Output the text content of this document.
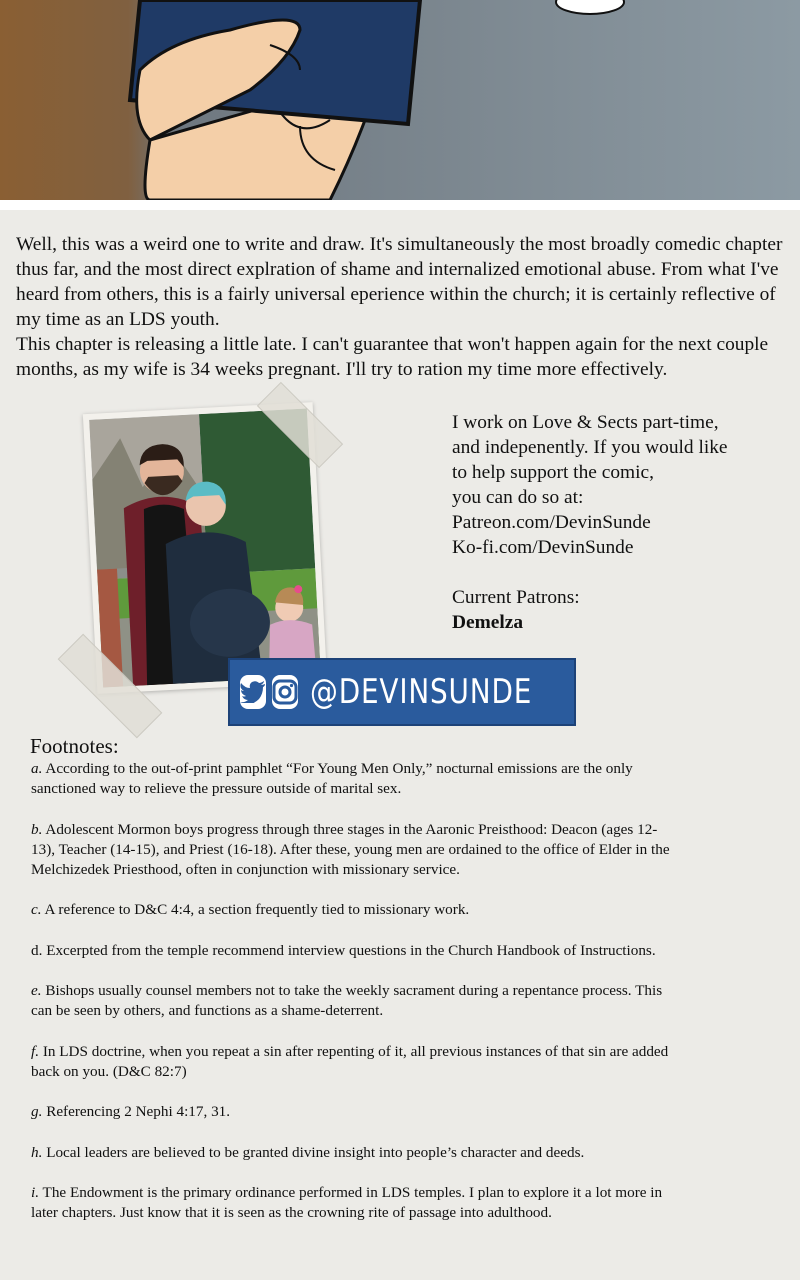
Well, this was a weird one to write and draw. It's simultaneously the most broadly comedic chapter thus far, and the most direct explration of shame and internalized emotional abuse. From what I've heard from others, this is a fairly universal eperience within the church; it is certainly reflective of my time as an LDS youth.

This chapter is releasing a little late. I can't guarantee that won't happen again for the next couple months, as my wife is 34 weeks pregnant. I'll try to ration my time more effectively.

I work on Love & Sects part-time,

and indepenently. If you would like

to help support the comic,

you can do so at:

Patreon.com/DevinSunde

Ko-fi.com/DevinSunde

Current Patrons:

Demelza

@DEVINSUNDE
Footnotes:
a. According to the out-of-print pamphlet “For Young Men Only,” nocturnal emissions are the only sanctioned way to relieve the pressure outside of marital sex.
b. Adolescent Mormon boys progress through three stages in the Aaronic Preisthood: Deacon (ages 12-13), Teacher (14-15), and Priest (16-18). After these, young men are ordained to the office of Elder in the Melchizedek Priesthood, often in conjunction with missionary service.
c. A reference to D&C 4:4, a section frequently tied to missionary work.
d. Excerpted from the temple recommend interview questions in the Church Handbook of Instructions.
e. Bishops usually counsel members not to take the weekly sacrament during a repentance process. This can be seen by others, and functions as a shame-deterrent.
f. In LDS doctrine, when you repeat a sin after repenting of it, all previous instances of that sin are added back on you. (D&C 82:7)
g. Referencing 2 Nephi 4:17, 31.
h. Local leaders are believed to be granted divine insight into people’s character and deeds.
i. The Endowment is the primary ordinance performed in LDS temples. I plan to explore it a lot more in later chapters. Just know that it is seen as the crowning rite of passage into adulthood.
